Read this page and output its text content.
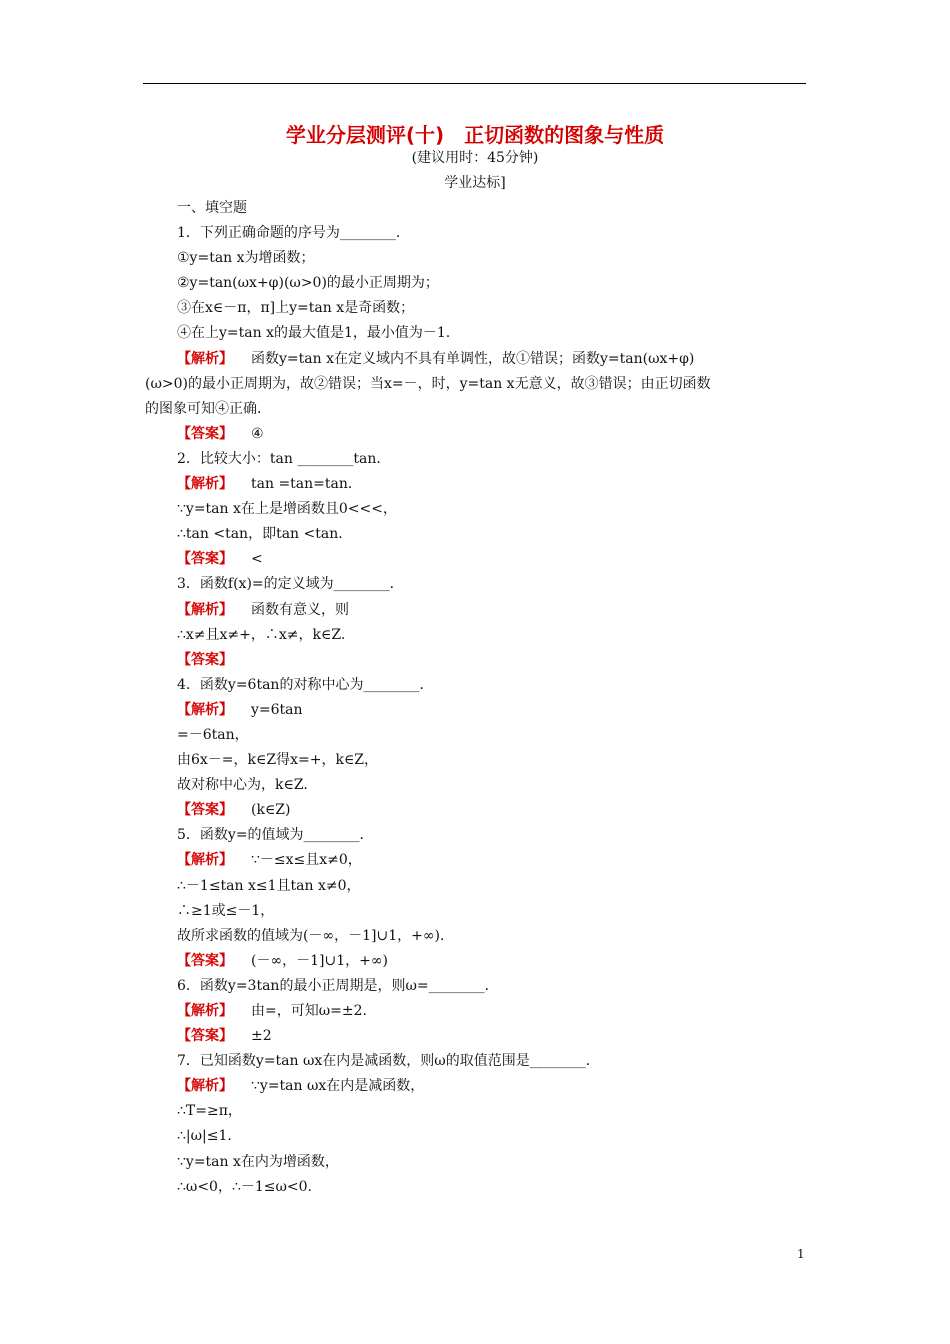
学业分层测评(十)　正切函数的图象与性质
(建议用时：45分钟)
学业达标]
一、填空题
1．下列正确命题的序号为________．
①y=tan x为增函数；
②y=tan(ωx+φ)(ω>0)的最小正周期为；
③在x∈－π，π]上y=tan x是奇函数；
④在上y=tan x的最大值是1，最小值为－1.
【解析】 函数y=tan x在定义域内不具有单调性，故①错误；函数y=tan(ωx+φ)
(ω>0)的最小正周期为，故②错误；当x=－，时，y=tan x无意义，故③错误；由正切函数
的图象可知④正确．
【答案】 ④
2．比较大小：tan ________tan．
【解析】 tan =tan=tan．
∵y=tan x在上是增函数且0<<<，
∴tan <tan，即tan <tan．
【答案】 <
3．函数f(x)=的定义域为________．
【解析】 函数有意义，则
∴x≠且x≠+，∴x≠，k∈Z.
【答案】
4．函数y=6tan的对称中心为________．
【解析】 y=6tan
=－6tan，
由6x－=，k∈Z得x=+，k∈Z，
故对称中心为，k∈Z.
【答案】 (k∈Z)
5．函数y=的值域为________．
【解析】 ∵－≤x≤且x≠0，
∴－1≤tan x≤1且tan x≠0，
∴≥1或≤－1，
故所求函数的值域为(－∞，－1]∪1，+∞)．
【答案】 (－∞，－1]∪1，+∞)
6．函数y=3tan的最小正周期是，则ω=________．
【解析】 由=，可知ω=±2.
【答案】 ±2
7．已知函数y=tan ωx在内是减函数，则ω的取值范围是________．
【解析】 ∵y=tan ωx在内是减函数，
∴T=≥π，
∴|ω|≤1.
∵y=tan x在内为增函数，
∴ω<0，∴－1≤ω<0.
1
